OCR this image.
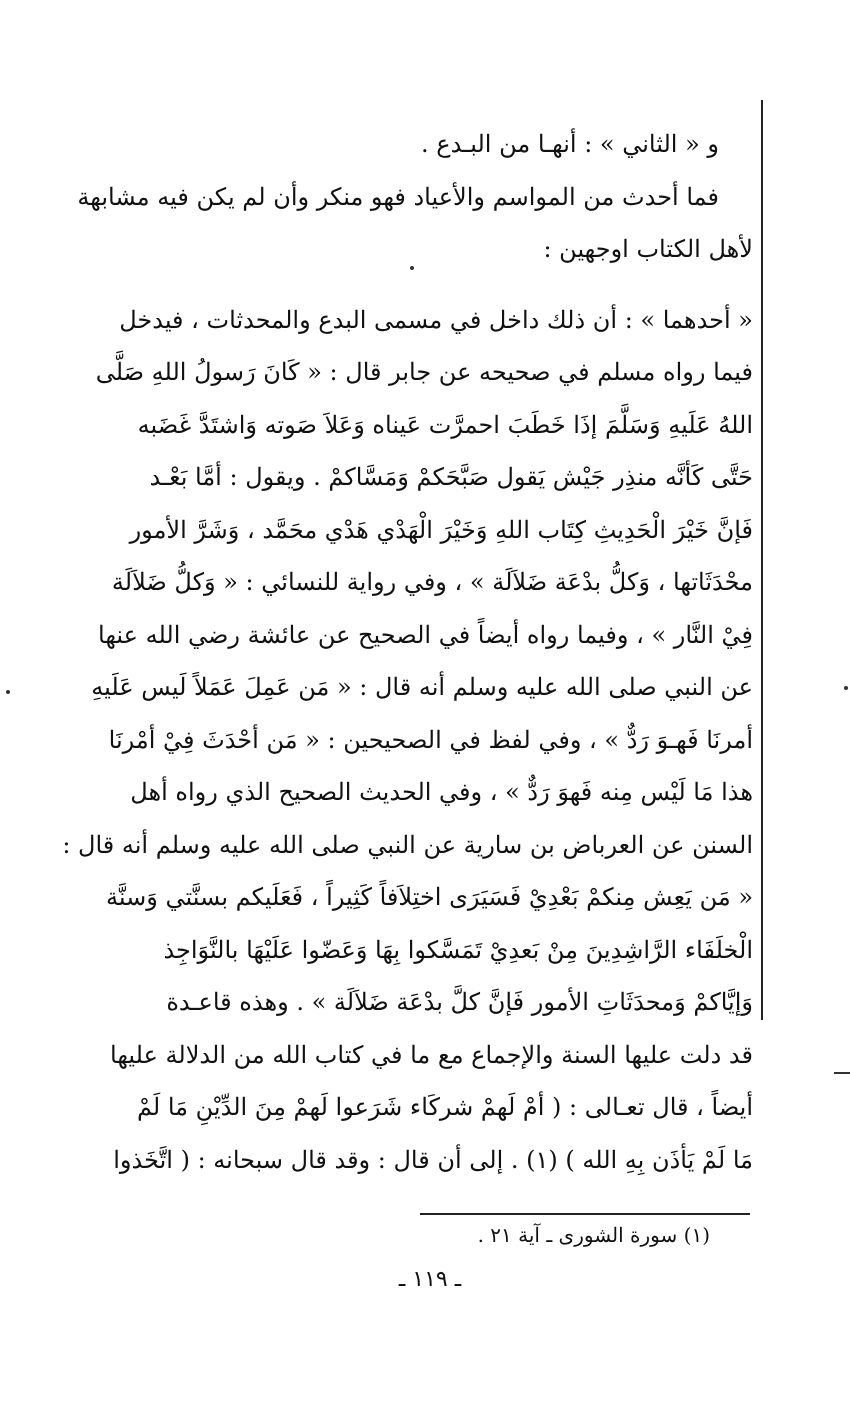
و « الثاني » : أنهـا من البـدع .
فما أحدث من المواسم والأعياد فهو منكر وأن لم يكن فيه مشابهة
لأهل الكتاب اوجهين :
« أحدهما » : أن ذلك داخل في مسمى البدع والمحدثات ، فيدخل
فيما رواه مسلم في صحيحه عن جابر قال : « كَانَ رَسولُ اللهِ صَلَّى
اللهُ عَلَيهِ وَسَلَّمَ إذَا خَطَبَ احمرَّت عَيناه وَعَلاَ صَوته وَاشتَدَّ غَضَبه
حَتَّى كَأنَّه منذِر جَيْش يَقول صَبَّحَكمْ وَمَسَّاكمْ . ويقول : أمَّا بَعْـد
فَإنَّ خَيْرَ الْحَدِيثِ كِتَاب اللهِ وَخَيْرَ الْهَدْي هَدْي محَمَّد ، وَشَرَّ الأمور
محْدَثَاتها ، وَكلُّ بدْعَة ضَلاَلَة » ، وفي رواية للنسائي : « وَكلُّ ضَلاَلَة
فِيْ النَّار » ، وفيما رواه أيضاً في الصحيح عن عائشة رضي الله عنها
عن النبي صلى الله عليه وسلم أنه قال : « مَن عَمِلَ عَمَلاً لَيس عَلَيهِ
أمرنَا فَهـوَ رَدٌّ » ، وفي لفظ في الصحيحين : « مَن أحْدَثَ فِيْ أمْرنَا
هذا مَا لَيْس مِنه فَهوَ رَدٌّ » ، وفي الحديث الصحيح الذي رواه أهل
السنن عن العرباض بن سارية عن النبي صلى الله عليه وسلم أنه قال :
« مَن يَعِش مِنكمْ بَعْدِيْ فَسَيَرَى اختِلاَفاً كَثِيراً ، فَعَلَيكم بسنَّتي وَسنَّة
الْخلَفَاء الرَّاشِدِينَ مِنْ بَعدِيْ تَمَسَّكوا بِهَا وَعَضّوا عَلَيْهَا بالنَّوَاجِذ
وَإيَّاكمْ وَمحدَثَاتِ الأمور فَإنَّ كلَّ بدْعَة ضَلاَلَة » . وهذه قاعـدة
قد دلت عليها السنة والإجماع مع ما في كتاب الله من الدلالة عليها
أيضاً ، قال تعـالى : ( أمْ لَهمْ شركَاء شَرَعوا لَهمْ مِنَ الدِّيْنِ مَا لَمْ
مَا لَمْ يَأذَن بِهِ الله ) (١) . إلى أن قال : وقد قال سبحانه : ( اتَّخَذوا
(١) سورة الشورى ـ آية ٢١ .
ـ ١١٩ ـ
